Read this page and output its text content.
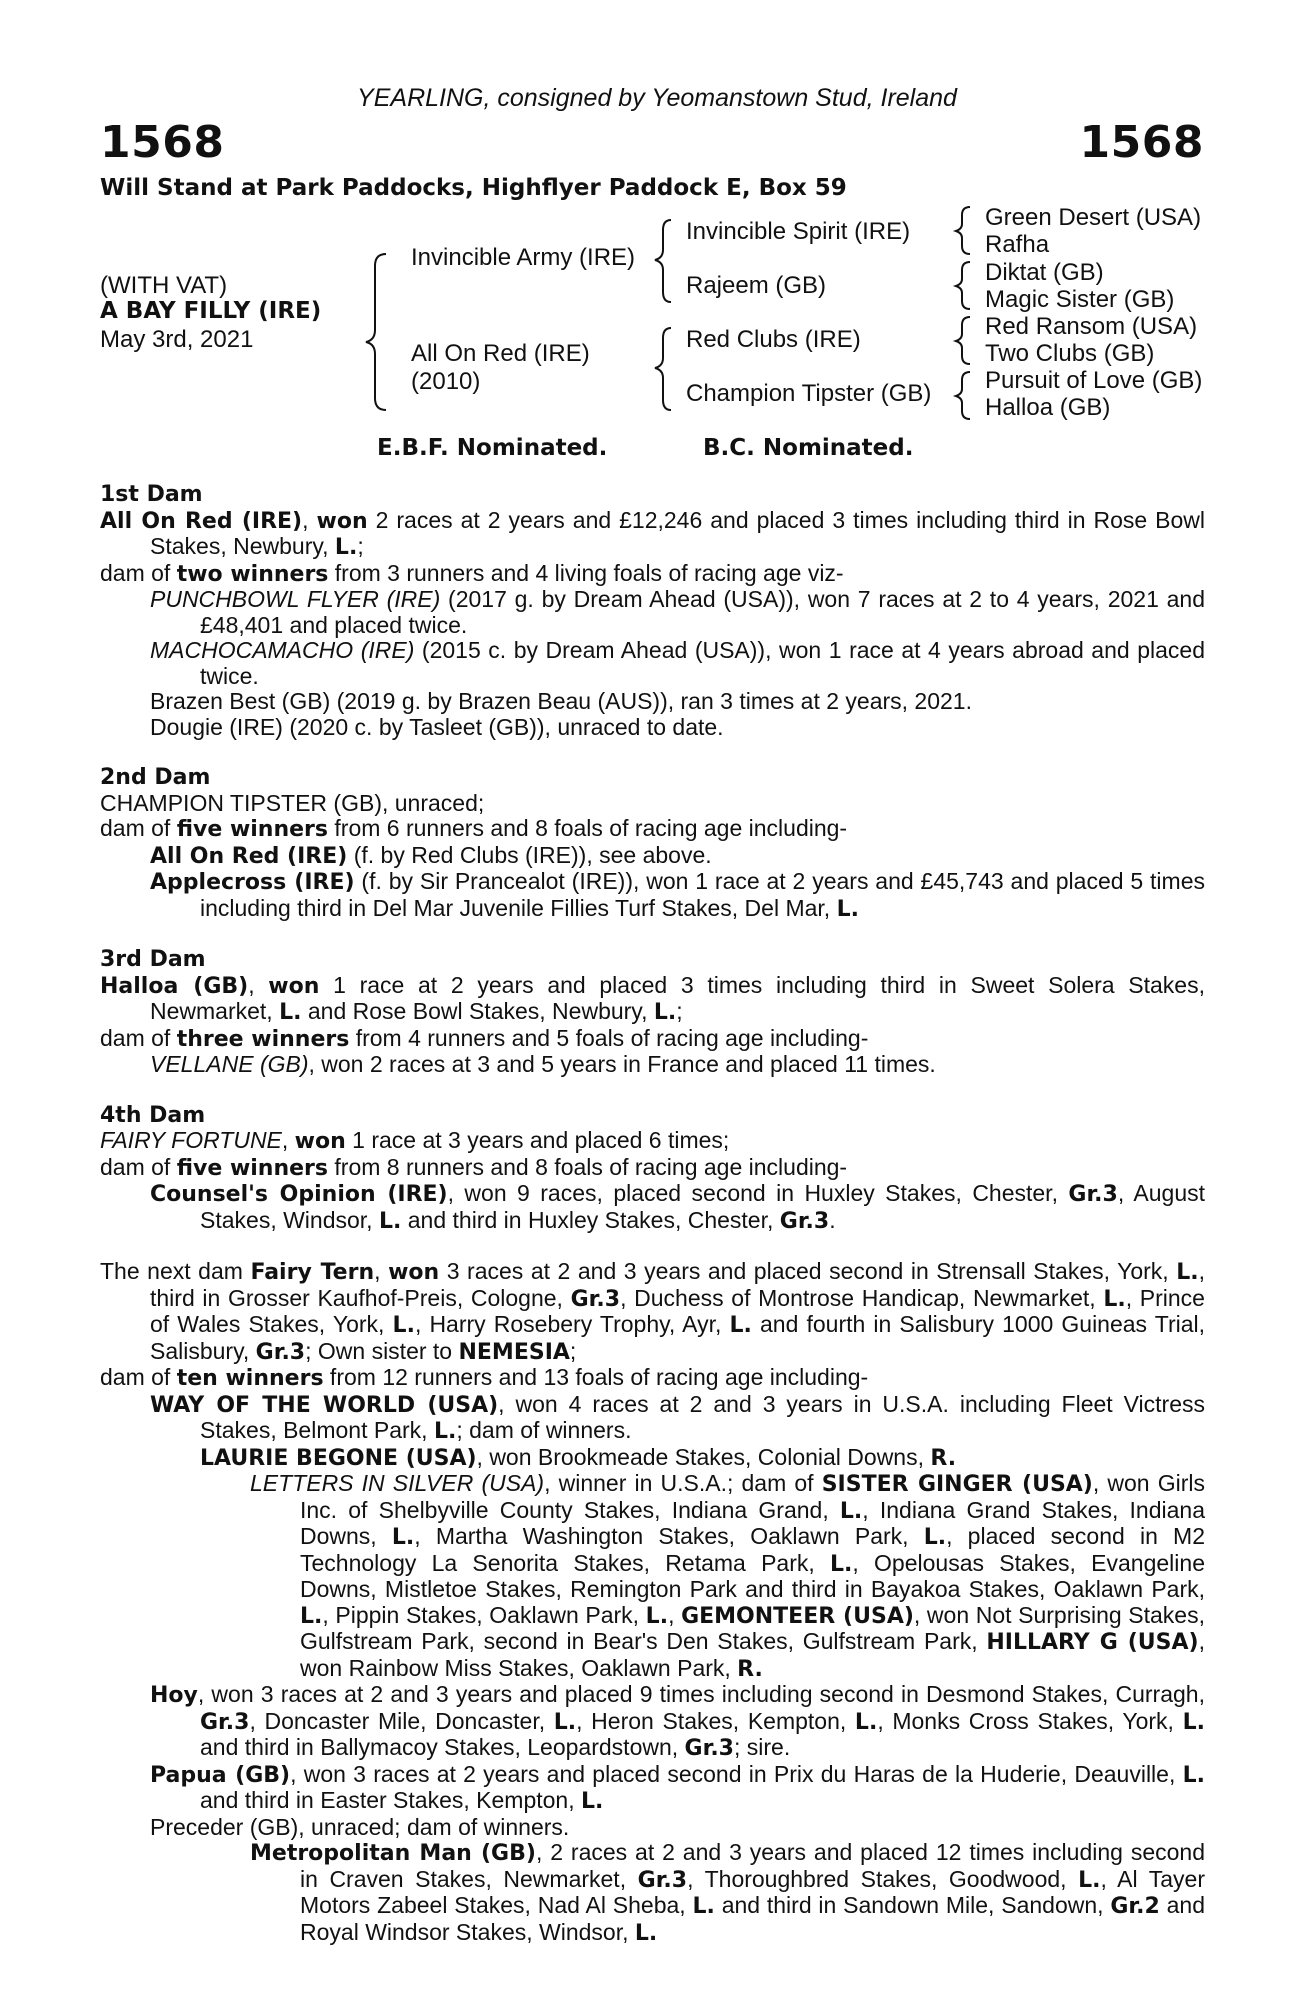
YEARLING, consigned by Yeomanstown Stud, Ireland
1568	1568
Will Stand at Park Paddocks, Highflyer Paddock E, Box 59
(WITH VAT)
A BAY FILLY (IRE)
May 3rd, 2021
Invincible Army (IRE)
All On Red (IRE)
(2010)
Invincible Spirit (IRE)
Rajeem (GB)
Red Clubs (IRE)
Champion Tipster (GB)
Green Desert (USA)
Rafha
Diktat (GB)
Magic Sister (GB)
Red Ransom (USA)
Two Clubs (GB)
Pursuit of Love (GB)
Halloa (GB)
E.B.F. Nominated.	B.C. Nominated.

1st Dam

All On Red (IRE), won 2 races at 2 years and £12,246 and placed 3 times including third in Rose Bowl Stakes, Newbury, L.;

dam of two winners from 3 runners and 4 living foals of racing age viz-

PUNCHBOWL FLYER (IRE) (2017 g. by Dream Ahead (USA)), won 7 races at 2 to 4 years, 2021 and £48,401 and placed twice.

MACHOCAMACHO (IRE) (2015 c. by Dream Ahead (USA)), won 1 race at 4 years abroad and placed twice.

Brazen Best (GB) (2019 g. by Brazen Beau (AUS)), ran 3 times at 2 years, 2021.

Dougie (IRE) (2020 c. by Tasleet (GB)), unraced to date.

2nd Dam

CHAMPION TIPSTER (GB), unraced;

dam of five winners from 6 runners and 8 foals of racing age including-

All On Red (IRE) (f. by Red Clubs (IRE)), see above.

Applecross (IRE) (f. by Sir Prancealot (IRE)), won 1 race at 2 years and £45,743 and placed 5 times including third in Del Mar Juvenile Fillies Turf Stakes, Del Mar, L.

3rd Dam

Halloa (GB), won 1 race at 2 years and placed 3 times including third in Sweet Solera Stakes, Newmarket, L. and Rose Bowl Stakes, Newbury, L.;

dam of three winners from 4 runners and 5 foals of racing age including-

VELLANE (GB), won 2 races at 3 and 5 years in France and placed 11 times.

4th Dam

FAIRY FORTUNE, won 1 race at 3 years and placed 6 times;

dam of five winners from 8 runners and 8 foals of racing age including-

Counsel's Opinion (IRE), won 9 races, placed second in Huxley Stakes, Chester, Gr.3, August Stakes, Windsor, L. and third in Huxley Stakes, Chester, Gr.3.

The next dam Fairy Tern, won 3 races at 2 and 3 years and placed second in Strensall Stakes, York, L., third in Grosser Kaufhof-Preis, Cologne, Gr.3, Duchess of Montrose Handicap, Newmarket, L., Prince of Wales Stakes, York, L., Harry Rosebery Trophy, Ayr, L. and fourth in Salisbury 1000 Guineas Trial, Salisbury, Gr.3; Own sister to NEMESIA;

dam of ten winners from 12 runners and 13 foals of racing age including-

WAY OF THE WORLD (USA), won 4 races at 2 and 3 years in U.S.A. including Fleet Victress Stakes, Belmont Park, L.; dam of winners.

LAURIE BEGONE (USA), won Brookmeade Stakes, Colonial Downs, R.

LETTERS IN SILVER (USA), winner in U.S.A.; dam of SISTER GINGER (USA), won Girls Inc. of Shelbyville County Stakes, Indiana Grand, L., Indiana Grand Stakes, Indiana Downs, L., Martha Washington Stakes, Oaklawn Park, L., placed second in M2 Technology La Senorita Stakes, Retama Park, L., Opelousas Stakes, Evangeline Downs, Mistletoe Stakes, Remington Park and third in Bayakoa Stakes, Oaklawn Park, L., Pippin Stakes, Oaklawn Park, L., GEMONTEER (USA), won Not Surprising Stakes, Gulfstream Park, second in Bear's Den Stakes, Gulfstream Park, HILLARY G (USA), won Rainbow Miss Stakes, Oaklawn Park, R.

Hoy, won 3 races at 2 and 3 years and placed 9 times including second in Desmond Stakes, Curragh, Gr.3, Doncaster Mile, Doncaster, L., Heron Stakes, Kempton, L., Monks Cross Stakes, York, L. and third in Ballymacoy Stakes, Leopardstown, Gr.3; sire.

Papua (GB), won 3 races at 2 years and placed second in Prix du Haras de la Huderie, Deauville, L. and third in Easter Stakes, Kempton, L.

Preceder (GB), unraced; dam of winners.

Metropolitan Man (GB), 2 races at 2 and 3 years and placed 12 times including second in Craven Stakes, Newmarket, Gr.3, Thoroughbred Stakes, Goodwood, L., Al Tayer Motors Zabeel Stakes, Nad Al Sheba, L. and third in Sandown Mile, Sandown, Gr.2 and Royal Windsor Stakes, Windsor, L.
